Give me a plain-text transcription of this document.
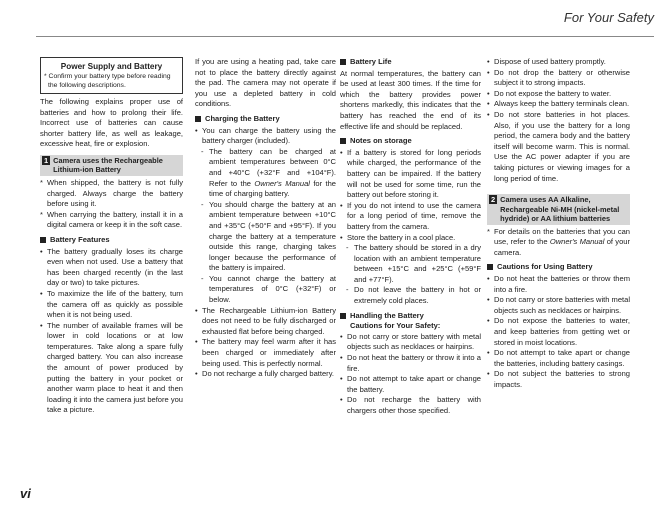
For Your Safety
Power Supply and Battery
* Confirm your battery type before reading the following descriptions.

The following explains proper use of batteries and how to prolong their life. Incorrect use of batteries can cause shorter battery life, as well as leakage, excessive heat, fire or explosion.

1 Camera uses the Rechargeable Lithium-ion Battery
* When shipped, the battery is not fully charged. Always charge the battery before using it.
* When carrying the battery, install it in a digital camera or keep it in the soft case.
Battery Features
• The battery gradually loses its charge even when not used. Use a battery that has been charged recently (in the last day or two) to take pictures.
• To maximize the life of the battery, turn the camera off as quickly as possible when it is not being used.
• The number of available frames will be lower in cold locations or at low temperatures. Take along a spare fully charged battery. You can also increase the amount of power produced by putting the battery in your pocket or another warm place to heat it and then loading it into the camera just before you take a picture.

If you are using a heating pad, take care not to place the battery directly against the pad. The camera may not operate if you use a depleted battery in cold conditions.

Charging the Battery
• You can charge the battery using the battery charger (included).
- The battery can be charged at ambient temperatures between 0°C and +40°C (+32°F and +104°F). Refer to the Owner's Manual for the time of charging battery.
- You should charge the battery at an ambient temperature between +10°C and +35°C (+50°F and +95°F). If you charge the battery at a temperature outside this range, charging takes longer because the performance of the battery is impaired.
- You cannot charge the battery at temperatures of 0°C (+32°F) or below.
• The Rechargeable Lithium-ion Battery does not need to be fully discharged or exhausted flat before being charged.
• The battery may feel warm after it has been charged or immediately after being used. This is perfectly normal.
• Do not recharge a fully charged battery.
Battery Life

At normal temperatures, the battery can be used at least 300 times. If the time for which the battery provides power shortens markedly, this indicates that the battery has reached the end of its effective life and should be replaced.

Notes on storage
• If a battery is stored for long periods while charged, the performance of the battery can be impaired. If the battery will not be used for some time, run the battery out before storing it.
• If you do not intend to use the camera for a long period of time, remove the battery from the camera.
• Store the battery in a cool place.
- The battery should be stored in a dry location with an ambient temperature between +15°C and +25°C (+59°F and +77°F).
- Do not leave the battery in hot or extremely cold places.
Handling the Battery
Cautions for Your Safety:
• Do not carry or store battery with metal objects such as necklaces or hairpins.
• Do not heat the battery or throw it into a fire.
• Do not attempt to take apart or change the battery.
• Do not recharge the battery with chargers other those specified.
• Dispose of used battery promptly.
• Do not drop the battery or otherwise subject it to strong impacts.
• Do not expose the battery to water.
• Always keep the battery terminals clean.
• Do not store batteries in hot places. Also, if you use the battery for a long period, the camera body and the battery itself will become warm. This is normal. Use the AC power adapter if you are taking pictures or viewing images for a long period of time.
2 Camera uses AA Alkaline, Rechargeable Ni-MH (nickel-metal hydride) or AA lithium batteries
* For details on the batteries that you can use, refer to the Owner's Manual of your camera.
Cautions for Using Battery
• Do not heat the batteries or throw them into a fire.
• Do not carry or store batteries with metal objects such as necklaces or hairpins.
• Do not expose the batteries to water, and keep batteries from getting wet or stored in moist locations.
• Do not attempt to take apart or change the batteries, including battery casings.
• Do not subject the batteries to strong impacts.
vi
